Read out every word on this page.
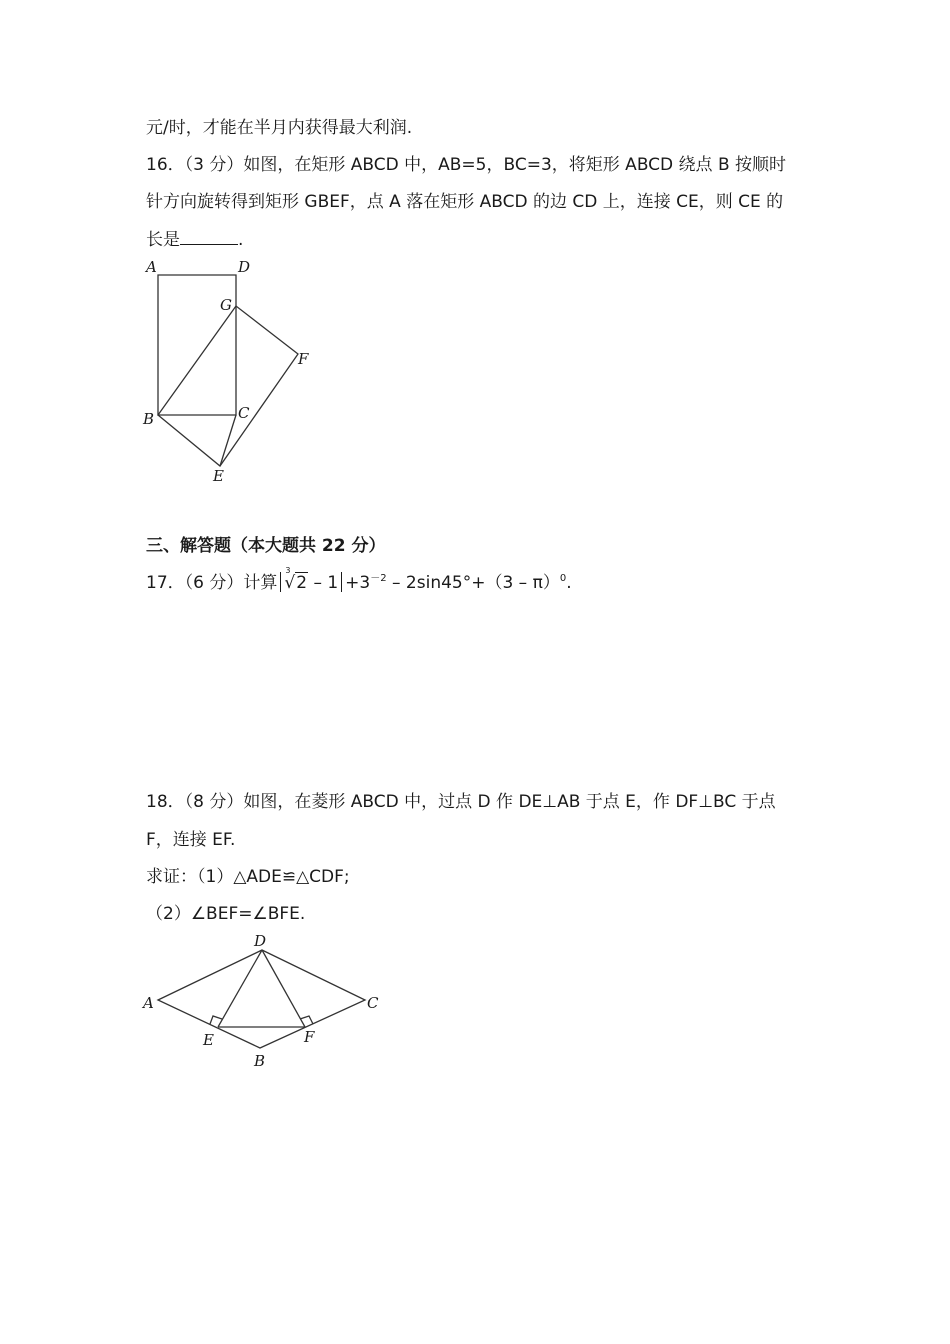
元/时，才能在半月内获得最大利润.
16．（3 分）如图，在矩形 ABCD 中，AB=5，BC=3，将矩形 ABCD 绕点 B 按顺时
针方向旋转得到矩形 GBEF，点 A 落在矩形 ABCD 的边 CD 上，连接 CE，则 CE 的
长是	.
A	D
G
F
B	C
E
三、解答题（本大题共 22 分）
17．（6 分）计算
3
$√2 - 1 +3^{-2} - 2\sin 45^\circ+(3 - \pi)^0$.
18．（8 分）如图，在菱形 ABCD 中，过点 D 作 DE⊥AB 于点 E，作 DF⊥BC 于点
F，连接 EF.
求证：（1）△ADE≌△CDF;
（2）∠BEF=∠BFE.
D
A	C
E	F
B
